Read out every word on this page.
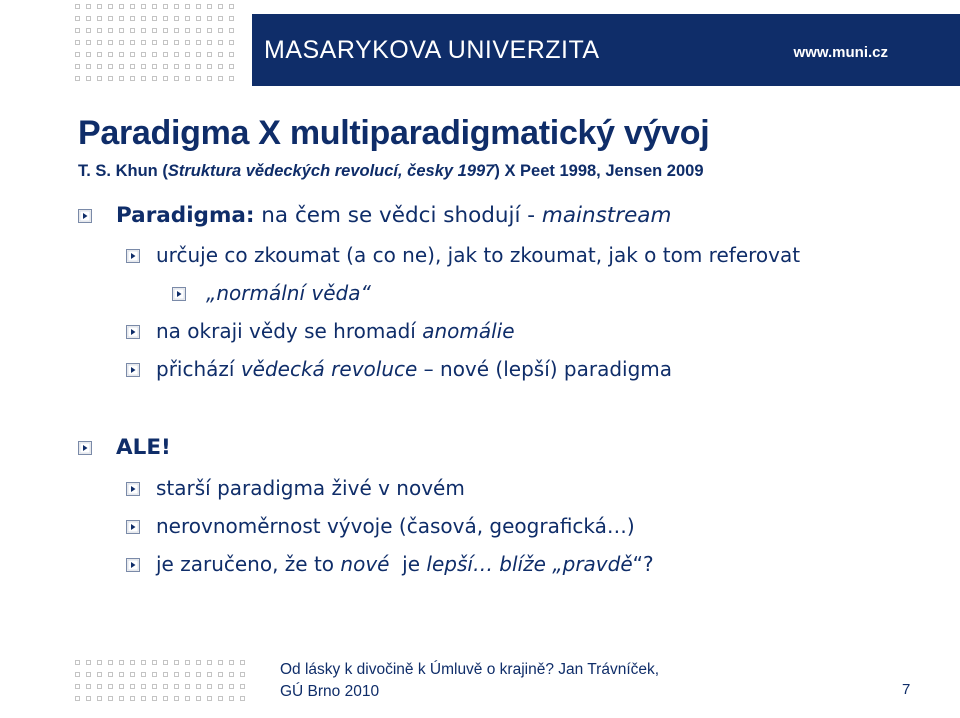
MASARYKOVA UNIVERZITA	www.muni.cz
Paradigma X multiparadigmatický vývoj
T. S. Khun (Struktura vědeckých revolucí, česky 1997) X Peet 1998, Jensen 2009
Paradigma: na čem se vědci shodují - mainstream
určuje co zkoumat (a co ne), jak to zkoumat, jak o tom referovat
„normální věda“
na okraji vědy se hromadí anomálie
přichází vědecká revoluce – nové (lepší) paradigma
ALE!
starší paradigma živé v novém
nerovnoměrnost vývoje (časová, geografická…)
je zaručeno, že to nové  je lepší… blíže „pravdě“?
Od lásky k divočině k Úmluvě o krajině? Jan Trávníček,
GÚ Brno 2010	7
